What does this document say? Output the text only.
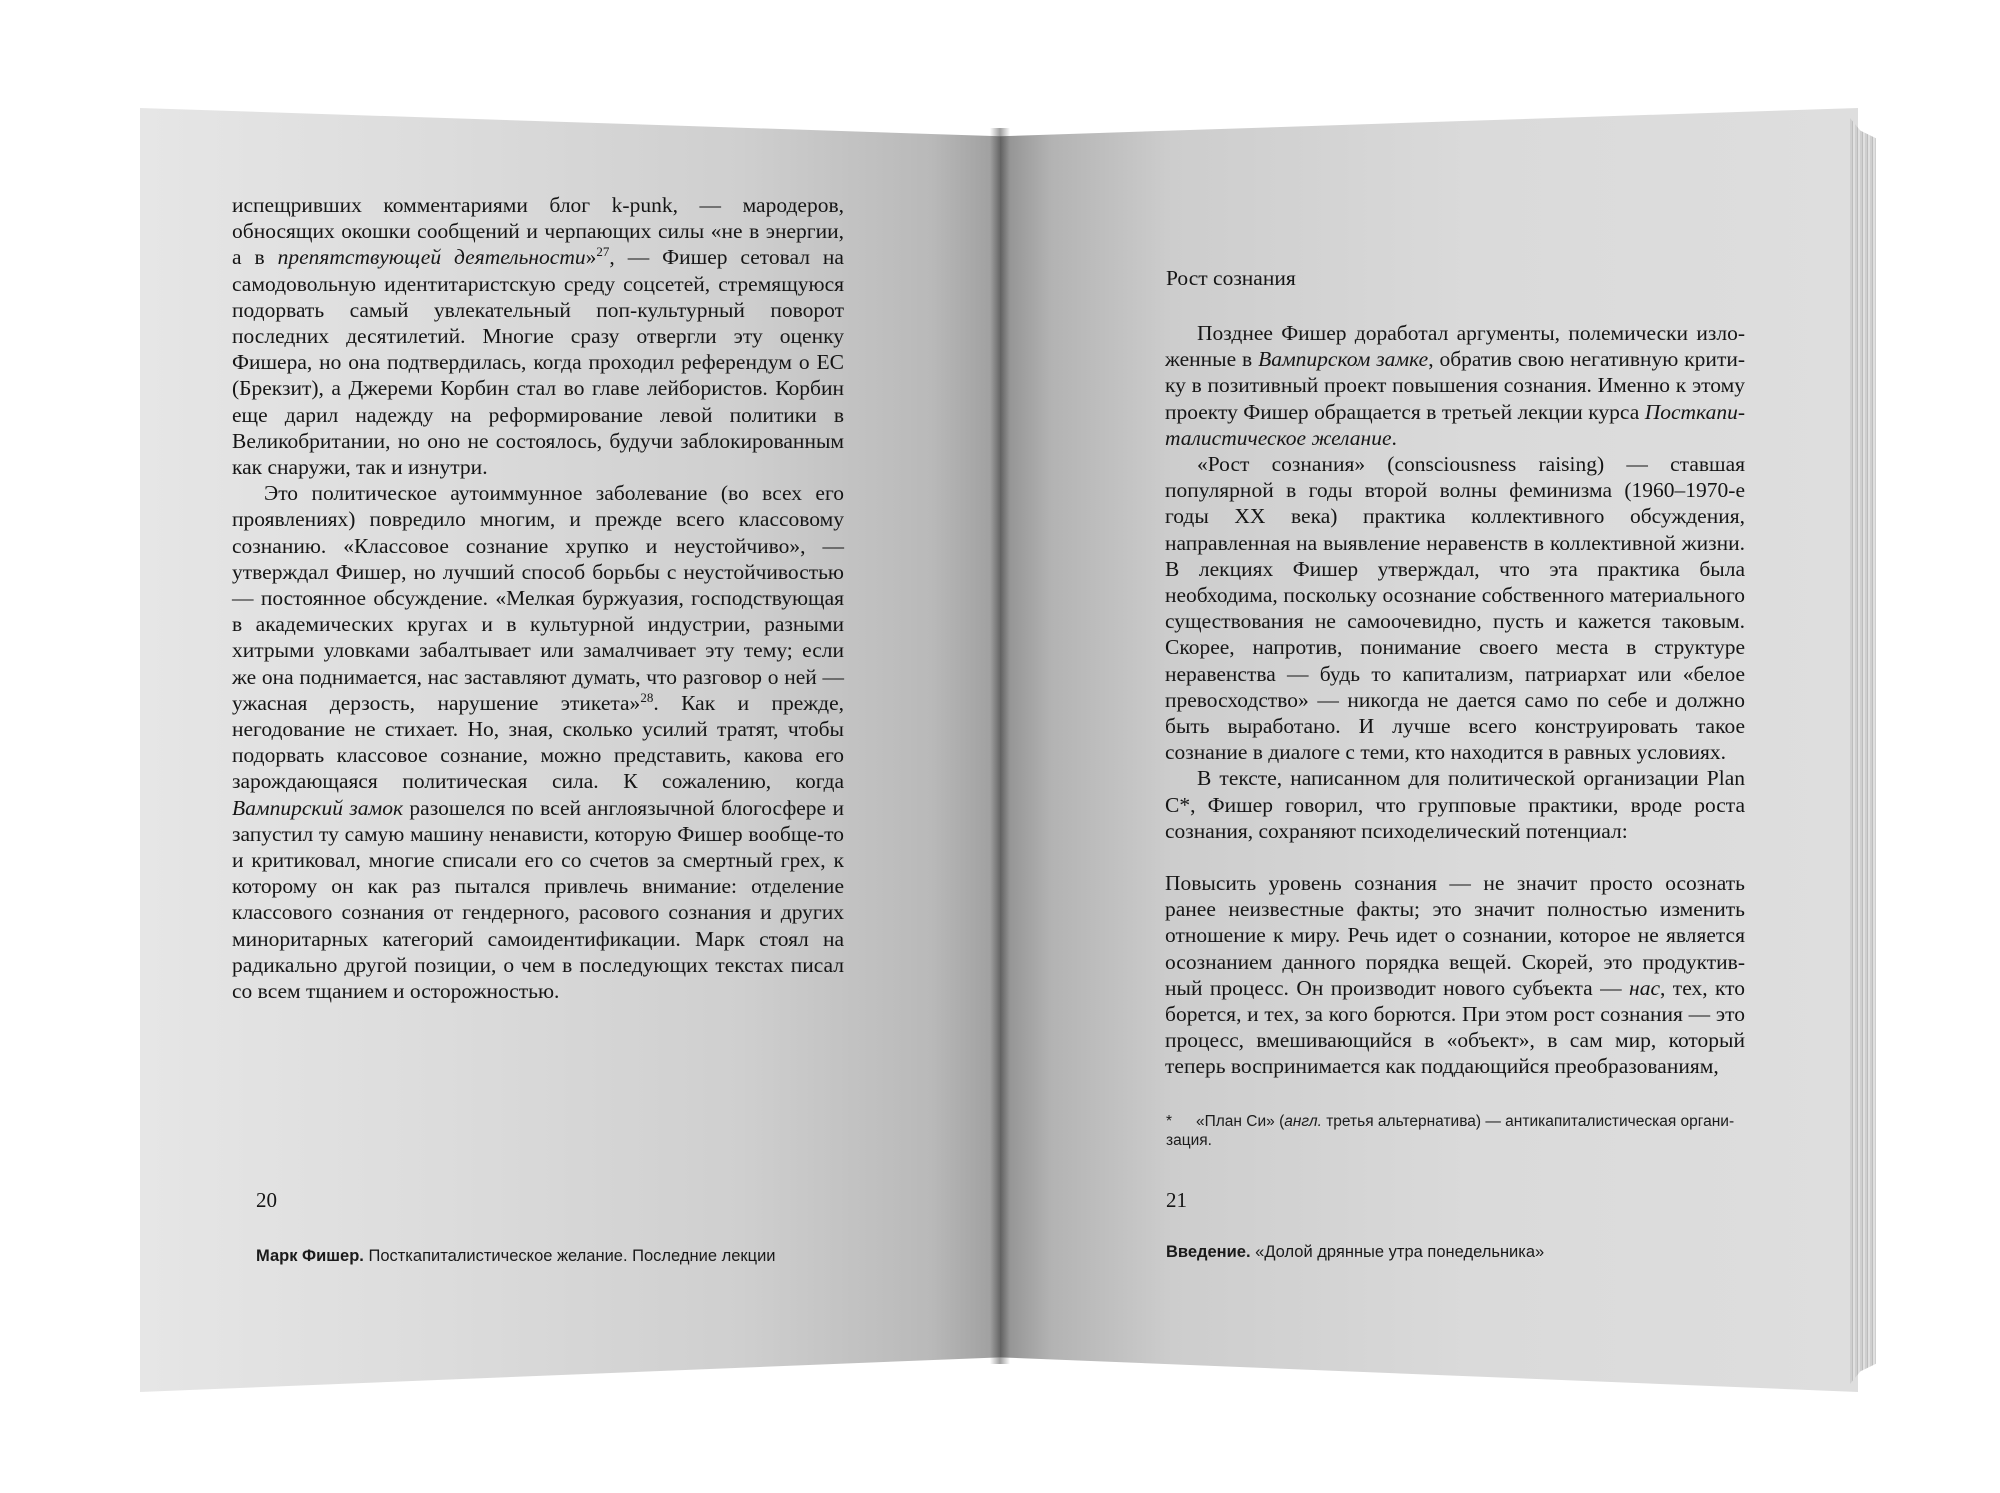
испещривших комментариями блог k-punk, — мародеров, обносящих окошки сообщений и черпающих силы «не в энергии, а в препятствующей деятельности»$^{27}$, — Фишер сетовал на самодовольную идентитаристскую среду соцсетей, стремящуюся подорвать самый увлекательный поп-культурный поворот последних десятилетий. Многие сразу отвергли эту оценку Фишера, но она подтвердилась, когда проходил референдум о ЕС (Брекзит), а Джереми Корбин стал во главе лейбористов. Корбин еще дарил надежду на реформирование левой политики в Великобритании, но оно не состоялось, будучи заблокированным как снаружи, так и изнутри.

Это политическое аутоиммунное заболевание (во всех его проявлениях) повредило многим, и прежде всего классовому сознанию. «Классовое сознание хрупко и неустойчиво», — утверждал Фишер, но лучший способ борьбы с неустойчивостью — постоянное обсуждение. «Мелкая буржуазия, господствующая в академических кругах и в культурной индустрии, разными хитрыми уловками забалтывает или замалчивает эту тему; если же она поднимается, нас заставляют думать, что разговор о ней — ужасная дерзость, нарушение этикета»$^{28}$. Как и прежде, негодование не стихает. Но, зная, сколько усилий тратят, чтобы подорвать классовое сознание, можно представить, какова его зарождающаяся политическая сила. К сожалению, когда Вампирский замок разошелся по всей англоязычной блогосфере и запустил ту самую машину ненависти, которую Фишер вообще-то и критиковал, многие списали его со счетов за смертный грех, к которому он как раз пытался привлечь внимание: отделение классового сознания от гендерного, расового сознания и других миноритарных категорий самоидентификации. Марк стоял на радикально другой позиции, о чем в последующих текстах писал со всем тщанием и осторожностью.

20
Марк Фишер. Посткапиталистическое желание. Последние лекции
Рост сознания

Позднее Фишер доработал аргументы, полемически изложенные в Вампирском замке, обратив свою негативную критику в позитивный проект повышения сознания. Именно к этому проекту Фишер обращается в третьей лекции курса Посткапиталистическое желание.

«Рост сознания» (consciousness raising) — ставшая популярной в годы второй волны феминизма (1960–1970-е годы XX века) практика коллективного обсуждения, направленная на выявление неравенств в коллективной жизни. В лекциях Фишер утверждал, что эта практика была необходима, поскольку осознание собственного материального существования не самоочевидно, пусть и кажется таковым. Скорее, напротив, понимание своего места в структуре неравенства — будь то капитализм, патриархат или «белое превосходство» — никогда не дается само по себе и должно быть выработано. И лучше всего конструировать такое сознание в диалоге с теми, кто находится в равных условиях.

В тексте, написанном для политической организации Plan C*, Фишер говорил, что групповые практики, вроде роста сознания, сохраняют психоделический потенциал:

Повысить уровень сознания — не значит просто осознать ранее неизвестные факты; это значит полностью изменить отношение к миру. Речь идет о сознании, которое не является осознанием данного порядка вещей. Скорей, это продуктивный процесс. Он производит нового субъекта — нас, тех, кто борется, и тех, за кого борются. При этом рост сознания — это процесс, вмешивающийся в «объект», в сам мир, который теперь воспринимается как поддающийся преобразованиям,

* «План Си» (англ. третья альтернатива) — антикапиталистическая организация.
21
Введение. «Долой дрянные утра понедельника»
